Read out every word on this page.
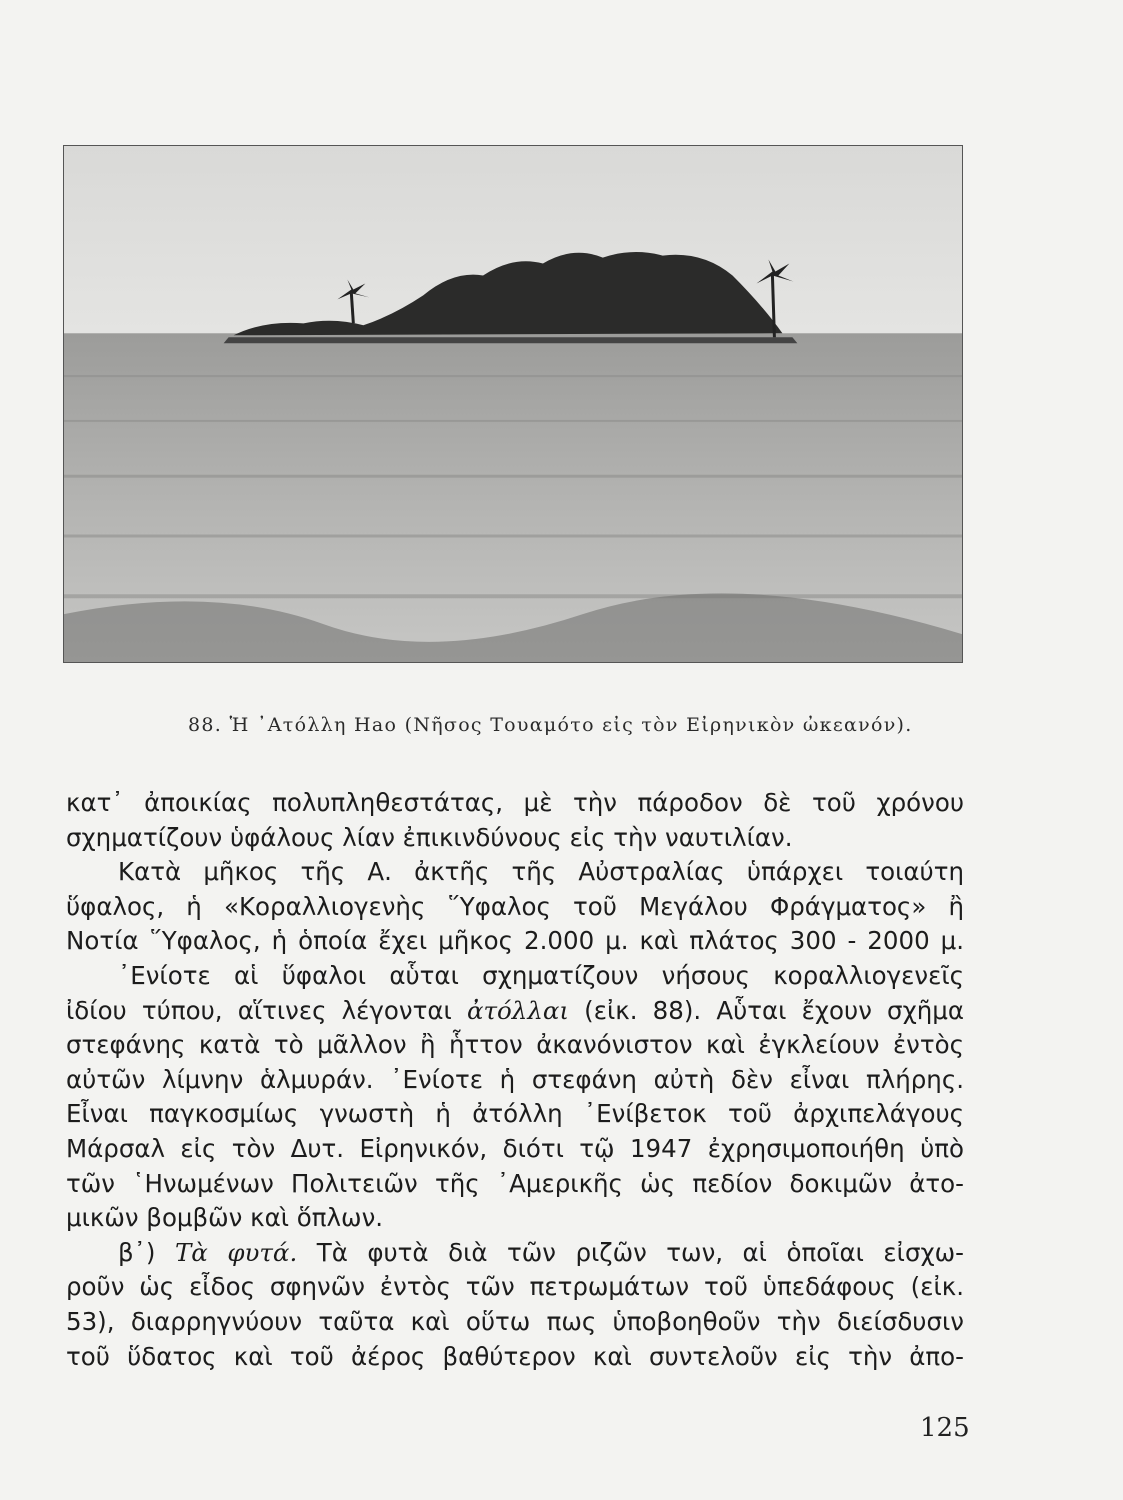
88. Ἡ ᾿Ατόλλη Hao (Νῆσος Τουαμότο εἰς τὸν Εἰρηνικὸν ὠκεανόν).
κατ᾿ ἀποικίας πολυπληθεστάτας, μὲ τὴν πάροδον δὲ τοῦ χρόνου
σχηματίζουν ὑφάλους λίαν ἐπικινδύνους εἰς τὴν ναυτιλίαν.
Κατὰ μῆκος τῆς Α. ἀκτῆς τῆς Αὐστραλίας ὑπάρχει τοιαύτη
ὕφαλος, ἡ «Κοραλλιογενὴς ῞Υφαλος τοῦ Μεγάλου Φράγματος» ἢ
Νοτία ῞Υφαλος, ἡ ὁποία ἔχει μῆκος 2.000 μ. καὶ πλάτος 300 - 2000 μ.
᾿Ενίοτε αἱ ὕφαλοι αὗται σχηματίζουν νήσους κοραλλιογενεῖς
ἰδίου τύπου, αἵτινες λέγονται ἀτόλλαι (εἰκ. 88). Αὗται ἔχουν σχῆμα
στεφάνης κατὰ τὸ μᾶλλον ἢ ἧττον ἀκανόνιστον καὶ ἐγκλείουν ἐντὸς
αὐτῶν λίμνην ἁλμυράν. ᾿Ενίοτε ἡ στεφάνη αὐτὴ δὲν εἶναι πλήρης.
Εἶναι παγκοσμίως γνωστὴ ἡ ἀτόλλη ᾿Ενίβετοκ τοῦ ἀρχιπελάγους
Μάρσαλ εἰς τὸν Δυτ. Εἰρηνικόν, διότι τῷ 1947 ἐχρησιμοποιήθη ὑπὸ
τῶν ῾Ηνωμένων Πολιτειῶν τῆς ᾿Αμερικῆς ὡς πεδίον δοκιμῶν ἀτο-
μικῶν βομβῶν καὶ ὅπλων.
β᾿) Τὰ φυτά. Τὰ φυτὰ διὰ τῶν ριζῶν των, αἱ ὁποῖαι εἰσχω-
ροῦν ὡς εἶδος σφηνῶν ἐντὸς τῶν πετρωμάτων τοῦ ὑπεδάφους (εἰκ.
53), διαρρηγνύουν ταῦτα καὶ οὕτω πως ὑποβοηθοῦν τὴν διείσδυσιν
τοῦ ὕδατος καὶ τοῦ ἀέρος βαθύτερον καὶ συντελοῦν εἰς τὴν ἀπο-
125
